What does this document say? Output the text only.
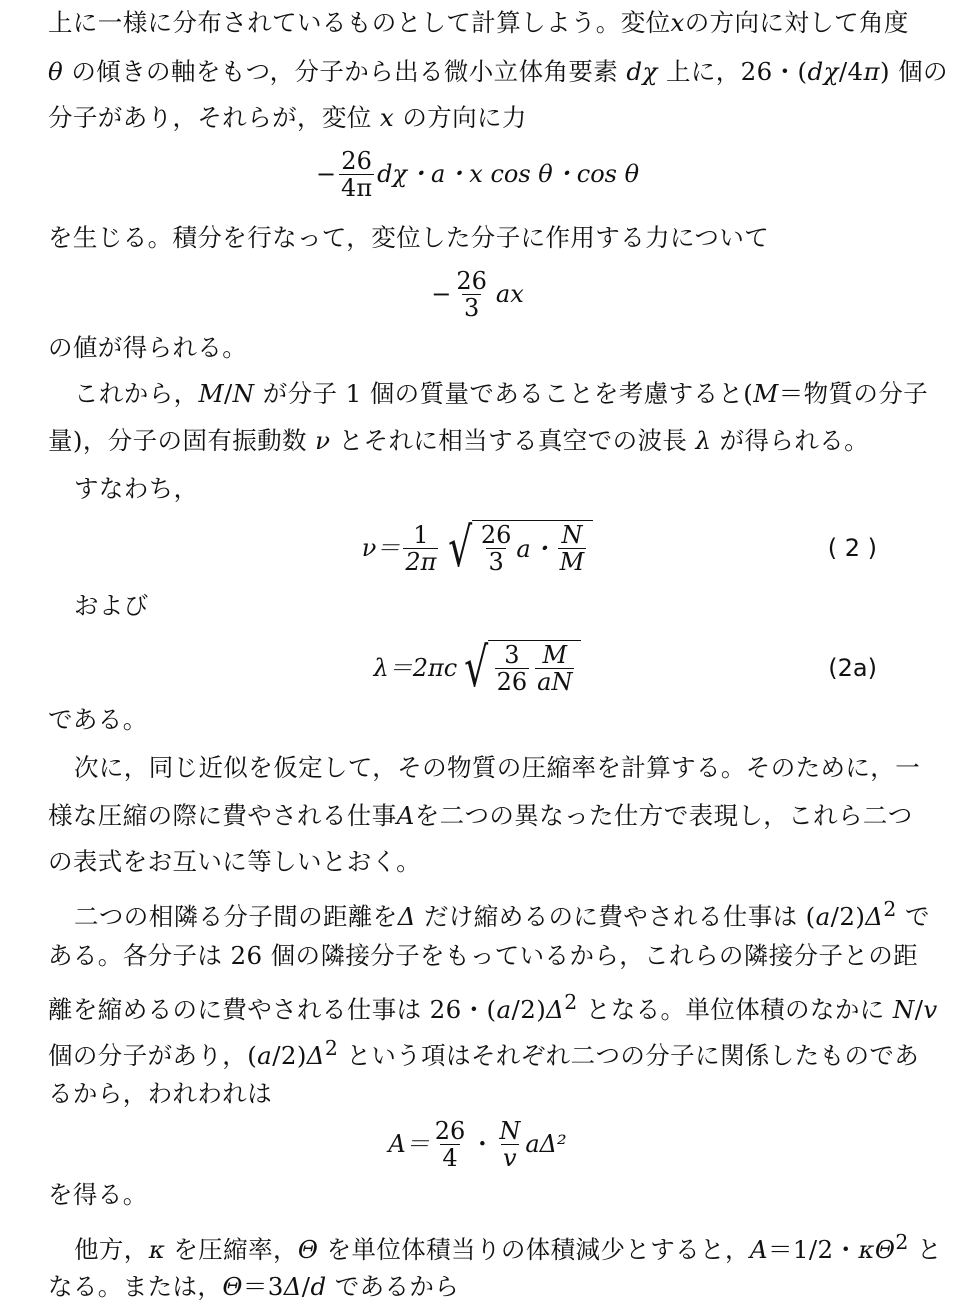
上に一様に分布されているものとして計算しよう。変位xの方向に対して角度
θ の傾きの軸をもつ，分子から出る微小立体角要素 dχ 上に，26・(dχ/4π) 個の
分子があり，それらが，変位 x の方向に力
− $\frac{26}{4\pi}$ dχ・a・x cos θ・cos θ
を生じる。積分を行なって，変位した分子に作用する力について
− $\frac{26}{3}$ ax
の値が得られる。
これから，M/N が分子 1 個の質量であることを考慮すると(M＝物質の分子
量)，分子の固有振動数 ν とそれに相当する真空での波長 λ が得られる。
すなわち，
$\nu= \frac{1}{2\pi}$ √ $\frac{26}{3}$ a・ $\frac{N}{M}$	( 2 )
および
λ＝2πc √ $\frac{3}{26} \frac{M}{aN}$	(2a)
である。
次に，同じ近似を仮定して，その物質の圧縮率を計算する。そのために，一
様な圧縮の際に費やされる仕事Aを二つの異なった仕方で表現し，これら二つ
の表式をお互いに等しいとおく。
二つの相隣る分子間の距離をΔ だけ縮めるのに費やされる仕事は $(a/2)\Delta^2$ で
ある。各分子は 26 個の隣接分子をもっているから，これらの隣接分子との距
離を縮めるのに費やされる仕事は 26・$(a/2)\Delta^2$ となる。単位体積のなかに N/v
個の分子があり，$(a/2)\Delta^2$ という項はそれぞれ二つの分子に関係したものであ
るから，われわれは
$A= \frac{26}{4}$ ・ $\frac{N}{v} a\Delta^2$
を得る。
他方，κ を圧縮率，Θ を単位体積当りの体積減少とすると，A＝1/2・$\kappa\Theta^2$ と
なる。または，Θ＝3Δ/d であるから
